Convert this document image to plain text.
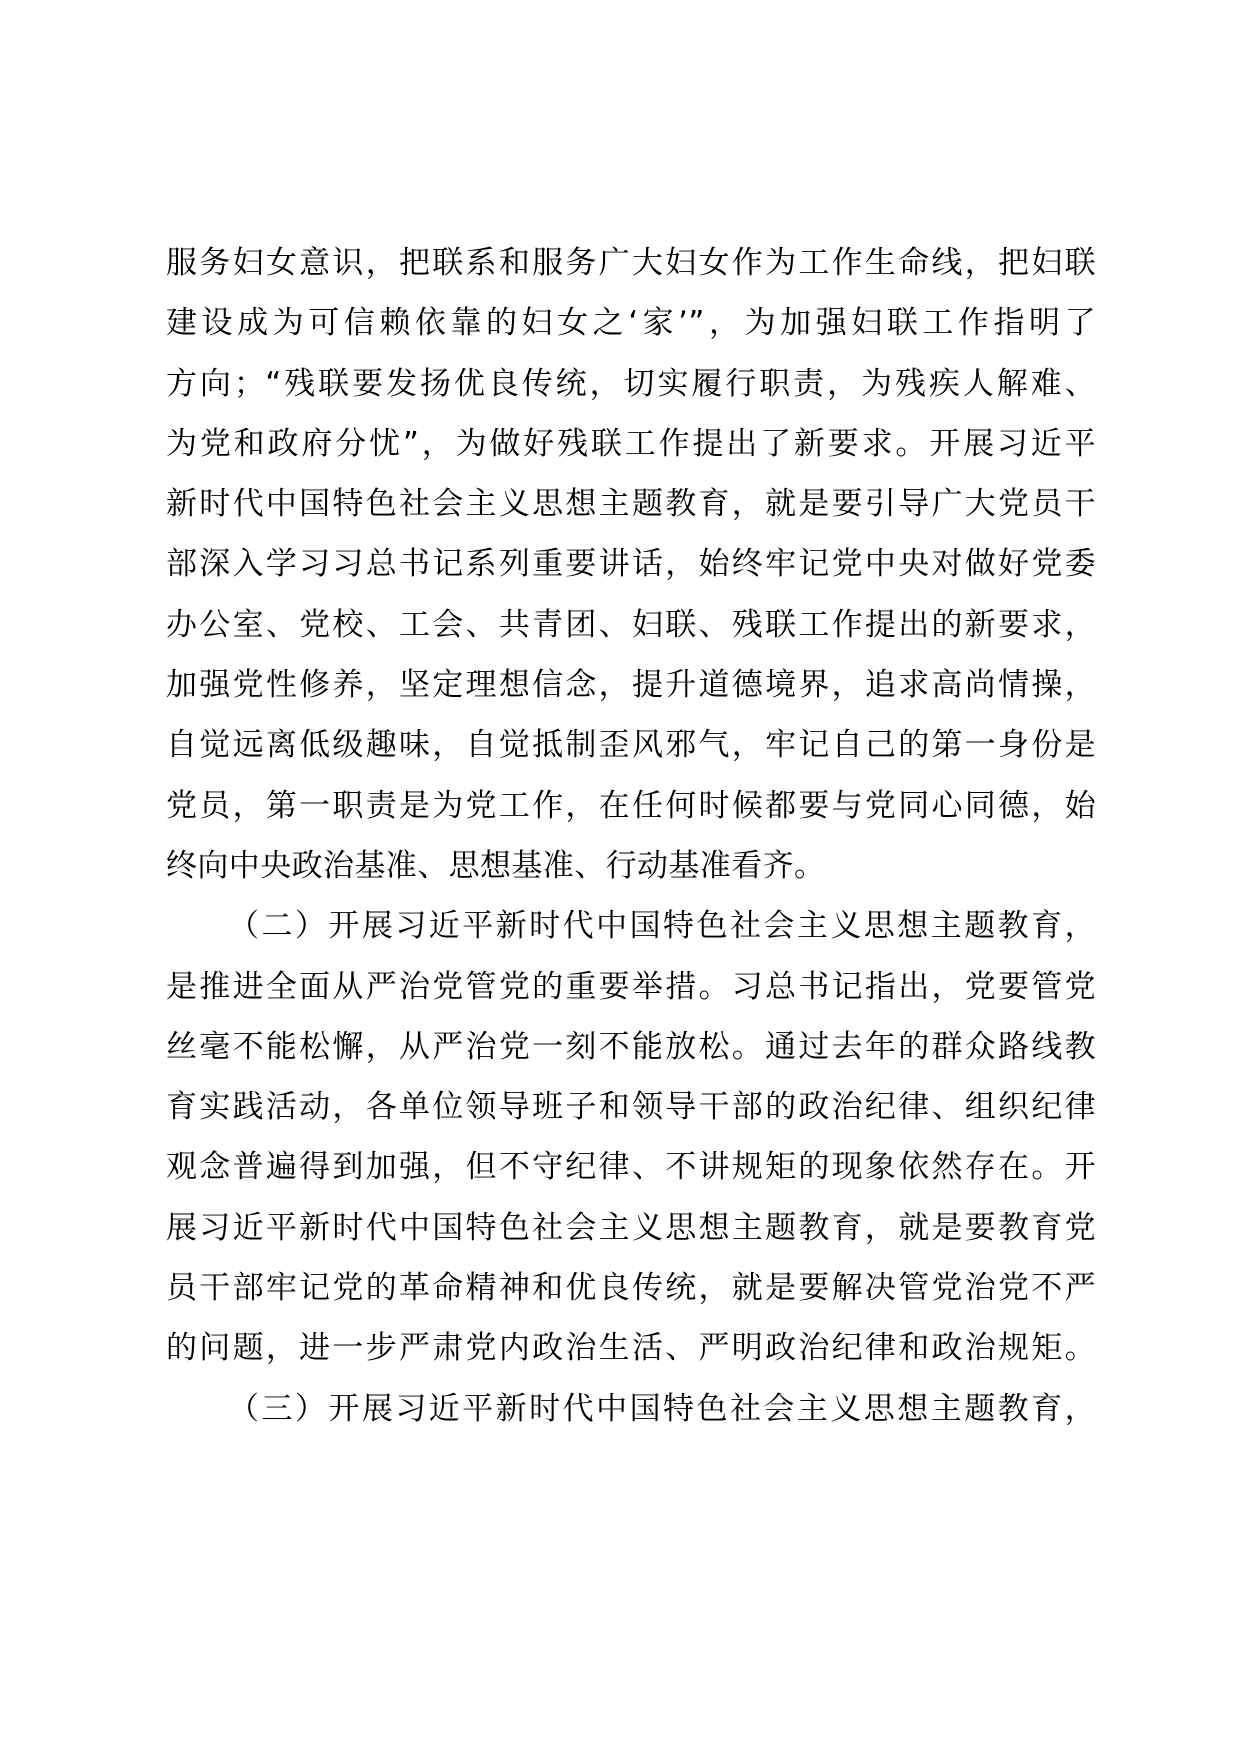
服务妇女意识，把联系和服务广大妇女作为工作生命线，把妇联
建设成为可信赖依靠的妇女之‘家’”，为加强妇联工作指明了
方向；“残联要发扬优良传统，切实履行职责，为残疾人解难、
为党和政府分忧”，为做好残联工作提出了新要求。开展习近平
新时代中国特色社会主义思想主题教育，就是要引导广大党员干
部深入学习习总书记系列重要讲话，始终牢记党中央对做好党委
办公室、党校、工会、共青团、妇联、残联工作提出的新要求，
加强党性修养，坚定理想信念，提升道德境界，追求高尚情操，
自觉远离低级趣味，自觉抵制歪风邪气，牢记自己的第一身份是
党员，第一职责是为党工作，在任何时候都要与党同心同德，始
终向中央政治基准、思想基准、行动基准看齐。
（二）开展习近平新时代中国特色社会主义思想主题教育，
是推进全面从严治党管党的重要举措。习总书记指出，党要管党
丝毫不能松懈，从严治党一刻不能放松。通过去年的群众路线教
育实践活动，各单位领导班子和领导干部的政治纪律、组织纪律
观念普遍得到加强，但不守纪律、不讲规矩的现象依然存在。开
展习近平新时代中国特色社会主义思想主题教育，就是要教育党
员干部牢记党的革命精神和优良传统，就是要解决管党治党不严
的问题，进一步严肃党内政治生活、严明政治纪律和政治规矩。
（三）开展习近平新时代中国特色社会主义思想主题教育，
